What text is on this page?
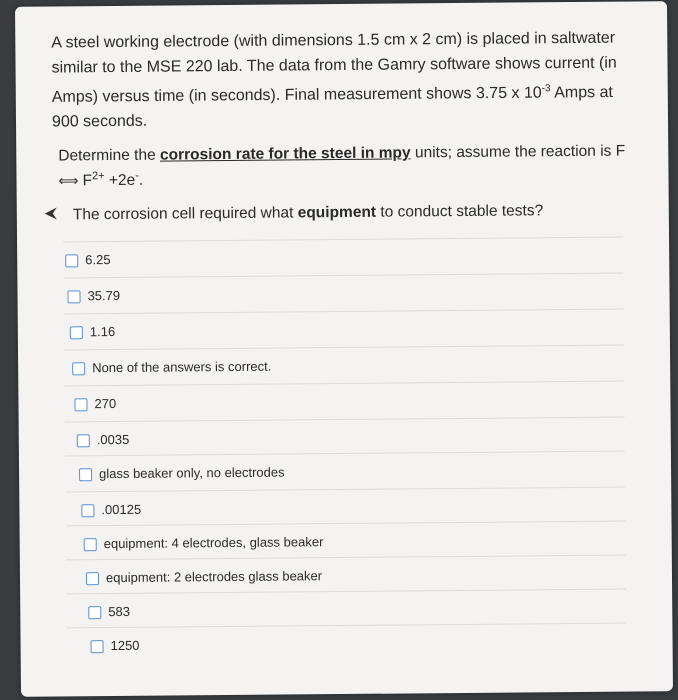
A steel working electrode (with dimensions 1.5 cm x 2 cm) is placed in saltwater

similar to the MSE 220 lab. The data from the Gamry software shows current (in

Amps) versus time (in seconds). Final measurement shows 3.75 x $10^{-3}$ Amps at

900 seconds.

Determine the corrosion rate for the steel in mpy units; assume the reaction is F
⟺ $F^{2+} +2e^-$.
The corrosion cell required what equipment to conduct stable tests?
6.25
35.79
1.16
None of the answers is correct.
270
.0035
glass beaker only, no electrodes
.00125
equipment: 4 electrodes, glass beaker
equipment: 2 electrodes glass beaker
583
1250
